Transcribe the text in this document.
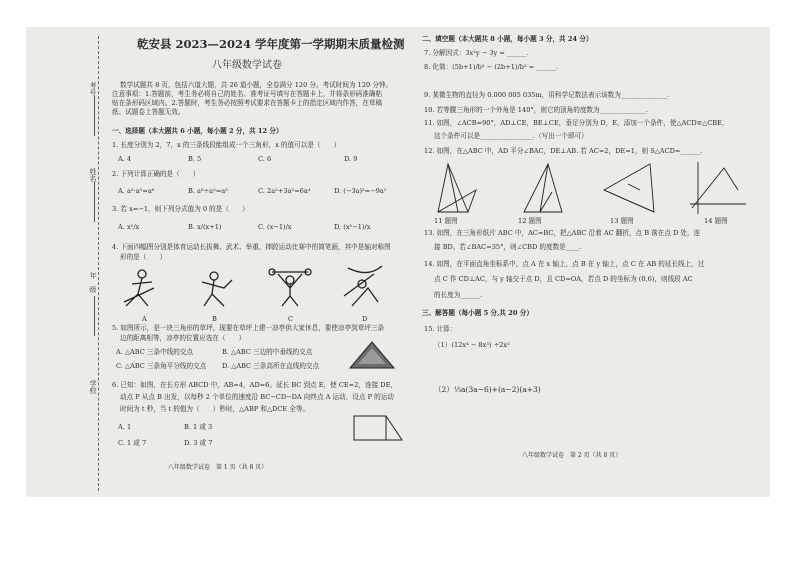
考号
姓名
年　级
学校
乾安县 2023—2024 学年度第一学期期末质量检测
八年级数学试卷
数学试题共 8 页，包括六道大题，共 26 道小题，全卷满分 120 分。考试时间为 120 分钟。
注意事项：1.答题前，考生务必将自己的姓名、准考证号填写在答题卡上，并将条形码准确粘
贴在条形码区域内。2.答题时，考生务必按照考试要求在答题卡上的指定区域内作答，在草稿
纸、试题卷上答题无效。
一、选择题（本大题共 6 小题，每小题 2 分，共 12 分）
1. 长度分别为 2，7，x 的三条线段能组成一个三角形，x 的值可以是（　　）
A. 4	B. 5	C. 6	D. 9
2. 下列计算正确的是（　　）
A. a²·a³=a⁶	B. a⁶÷a²=a³	C. 2a²+3a²=6a⁴	D. (−3a)²=−9a²
3. 若 x=−1，则下列分式值为 0 的是（　　）
A. x²/x	B. x/(x+1)	C. (x−1)/x	D. (x²−1)/x
4. 下面四幅图分别是体育运动长拔舞、武术、举重、摔跤运动比赛中的简笔画，其中是轴对称图
形的是（　　）
A	B	C	D
5. 如图所示，是一块三角形的草坪，现要在草坪上建一凉亭供大家休息，要使凉亭到草坪三条
边的距离相等，凉亭的位置应选在（　　）
A. △ABC 三条中线的交点	B. △ABC 三边的中垂线的交点
C. △ABC 三条角平分线的交点 D. △ABC 三条高所在直线的交点
6. 已知：如图，在长方形 ABCD 中，AB=4，AD=6。延长 BC 到点 E，使 CE=2，连接 DE，
动点 P 从点 B 出发，以每秒 2 个单位的速度沿 BC−CD−DA 向终点 A 运动，设点 P 的运动
时间为 t 秒，当 t 的值为（　　）秒时，△ABP 和△DCE 全等。
A. 1	B. 1 或 3
C. 1 或 7	D. 3 或 7
八年级数学试卷　第 1 页（共 8 页）
二、填空题（本大题共 8 小题，每小题 3 分，共 24 分）
7. 分解因式：3x²y − 3y = ______.
8. 化简：(5b+1)/b² − (2b+1)/b² = ______.
9. 某微生物的直径为 0.000 005 035m，用科学记数法表示该数为______________.
10. 若等腰三角形的一个外角是 140°，则它的顶角的度数为______________.
11. 如图，∠ACB=90°，AD⊥CE，BE⊥CE，垂足分别为 D，E，添加一个条件，使△ACD≌△CBE，
这个条件可以是________________.（写出一个即可）
12. 如图，在△ABC 中，AD 平分∠BAC，DE⊥AB. 若 AC=2，DE=1，则 S△ACD=______.
11 题图	12 题图	13 题图	14 题图
13. 如图，在三角形纸片 ABC 中，AC=BC，把△ABC 沿着 AC 翻折，点 B 落在点 D 处，连
接 BD。若∠BAC=35°，则∠CBD 的度数是____.
14. 如图，在平面直角坐标系中，点 A 在 x 轴上，点 B 在 y 轴上，点 C 在 AB 的延长线上，过
点 C 作 CD⊥AC，与 y 轴交于点 D，且 CD=OA，若点 D 的坐标为 (0,6)，则线段 AC
的长度为______.
三、解答题（每小题 5 分,共 20 分）
15. 计算：
（1）(12x⁴ − 8x³) ÷2x²
（2）⅓a(3a−6)+(a−2)(a+3)
八年级数学试卷　第 2 页（共 8 页）
